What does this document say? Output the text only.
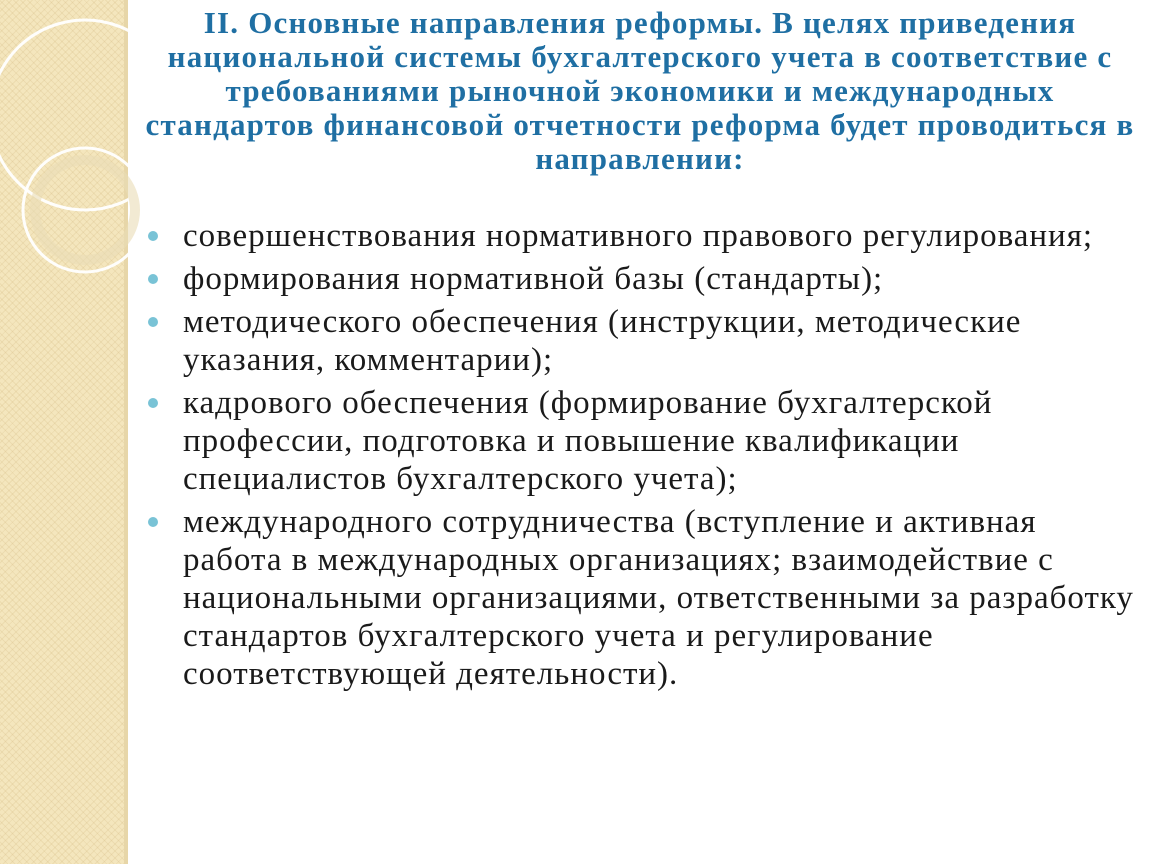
II. Основные направления реформы. В целях приведения национальной системы бухгалтерского учета в соответствие с требованиями рыночной экономики и международных стандартов финансовой отчетности реформа будет проводиться в направлении:
совершенствования нормативного правового регулирования;
формирования нормативной базы (стандарты);
методического обеспечения (инструкции, методические указания, комментарии);
кадрового обеспечения (формирование бухгалтерской профессии, подготовка и повышение квалификации специалистов бухгалтерского учета);
международного сотрудничества (вступление и активная работа в международных организациях; взаимодействие с национальными организациями, ответственными за разработку стандартов бухгалтерского учета и регулирование соответствующей деятельности).
